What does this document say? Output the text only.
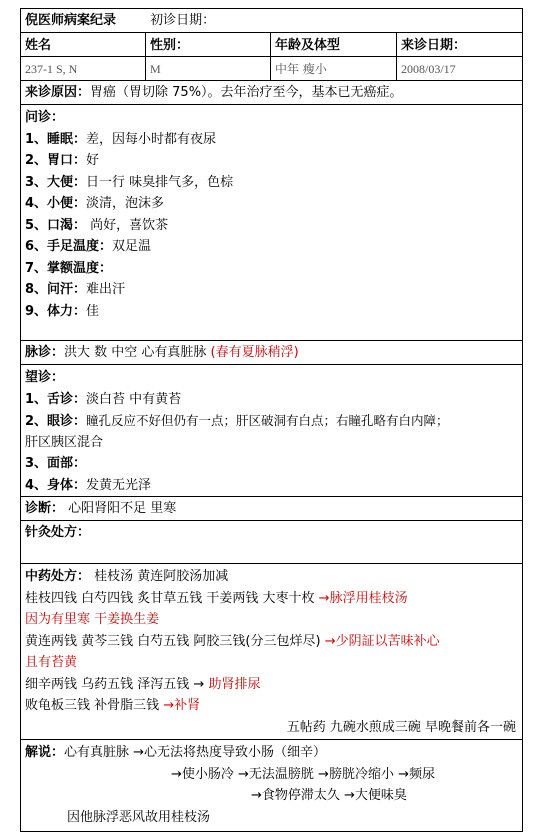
倪医师病案纪录	初诊日期：
姓名	性别：	年龄及体型	来诊日期：
237-1 S, N	M	中年 瘦小	2008/03/17
来诊原因：胃癌（胃切除 75%）。去年治疗至今，基本已无癌症。
问诊：
1、睡眠：差，因每小时都有夜尿
2、胃口：好
3、大便：日一行 味臭排气多，色棕
4、小便：淡清，泡沫多
5、口渴： 尚好，喜饮茶
6、手足温度：双足温
7、掌额温度：
8、问汗：难出汗
9、体力：佳
脉诊：洪大 数 中空 心有真脏脉 (春有夏脉稍浮)
望诊：
1、舌诊：淡白苔 中有黄苔
2、眼诊：瞳孔反应不好但仍有一点；肝区破洞有白点；右瞳孔略有白内障；
肝区胰区混合
3、面部：
4、身体：发黄无光泽
诊断： 心阳肾阳不足 里寒
针灸处方：
中药处方： 桂枝汤 黄连阿胶汤加减
桂枝四钱 白芍四钱 炙甘草五钱 干姜两钱 大枣十枚 →脉浮用桂枝汤
因为有里寒 干姜换生姜
黄连两钱 黄芩三钱 白芍五钱 阿胶三钱(分三包烊尽) →少阴証以苦味补心
且有苔黄
细辛两钱 乌药五钱 泽泻五钱 → 助肾排尿
败龟板三钱 补骨脂三钱 →补肾
五帖药 九碗水煎成三碗 早晚餐前各一碗
解说：心有真脏脉 →心无法将热度导致小肠（细辛）
→使小肠冷 →无法温膀胱 →膀胱冷缩小 →频尿
→食物停滞太久 →大便味臭
因他脉浮恶风故用桂枝汤
